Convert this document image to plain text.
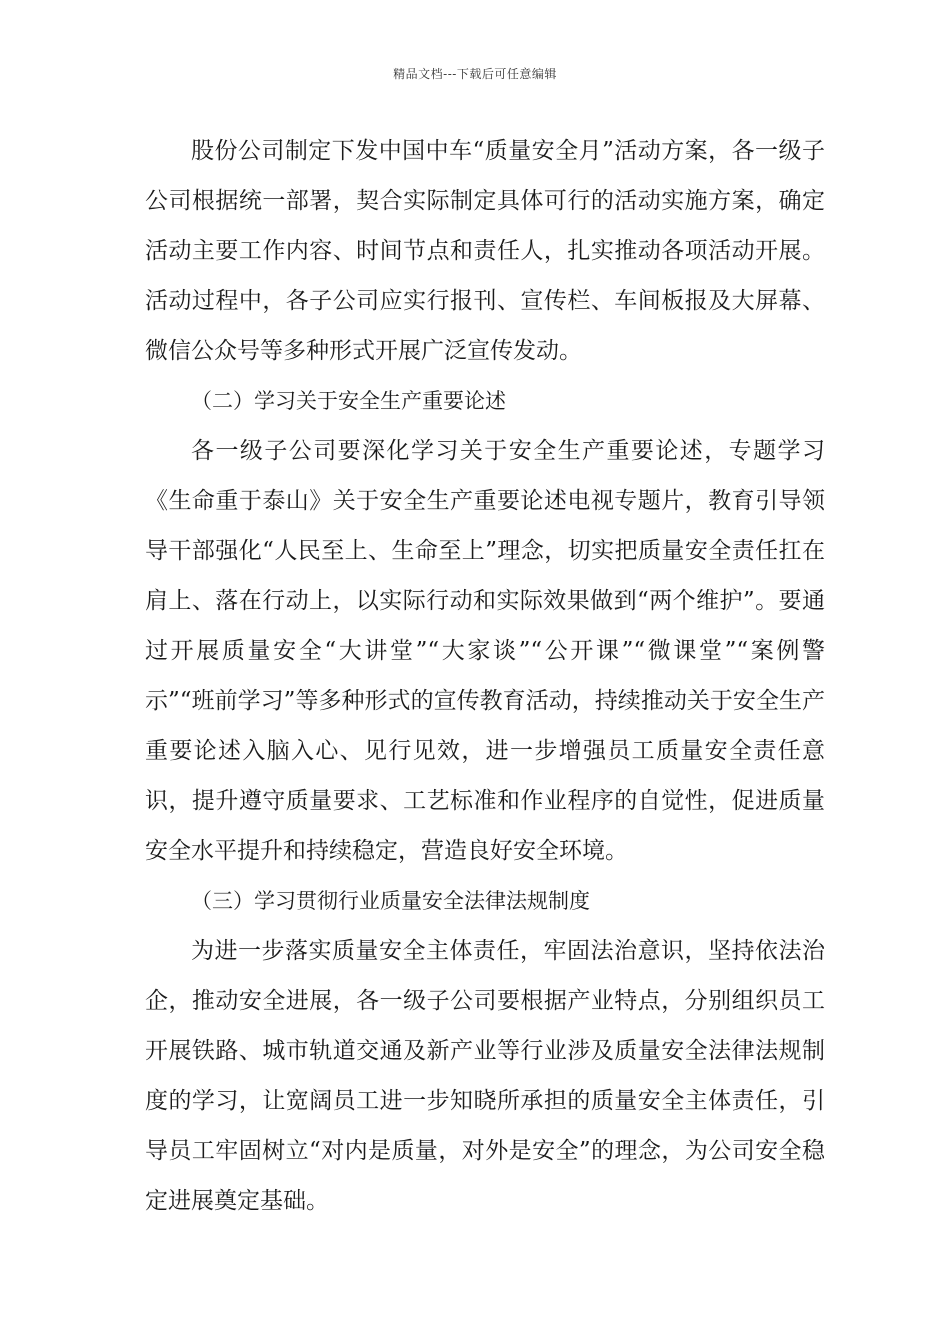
精品文档---下载后可任意编辑

股份公司制定下发中国中车“质量安全月”活动方案，各一级子公司根据统一部署，契合实际制定具体可行的活动实施方案，确定活动主要工作内容、时间节点和责任人，扎实推动各项活动开展。活动过程中，各子公司应实行报刊、宣传栏、车间板报及大屏幕、微信公众号等多种形式开展广泛宣传发动。

（二）学习关于安全生产重要论述

各一级子公司要深化学习关于安全生产重要论述，专题学习《生命重于泰山》关于安全生产重要论述电视专题片，教育引导领导干部强化“人民至上、生命至上”理念，切实把质量安全责任扛在肩上、落在行动上，以实际行动和实际效果做到“两个维护”。要通过开展质量安全“大讲堂”“大家谈”“公开课”“微课堂”“案例警示”“班前学习”等多种形式的宣传教育活动，持续推动关于安全生产重要论述入脑入心、见行见效，进一步增强员工质量安全责任意识，提升遵守质量要求、工艺标准和作业程序的自觉性，促进质量安全水平提升和持续稳定，营造良好安全环境。

（三）学习贯彻行业质量安全法律法规制度

为进一步落实质量安全主体责任，牢固法治意识，坚持依法治企，推动安全进展，各一级子公司要根据产业特点，分别组织员工开展铁路、城市轨道交通及新产业等行业涉及质量安全法律法规制度的学习，让宽阔员工进一步知晓所承担的质量安全主体责任，引导员工牢固树立“对内是质量，对外是安全”的理念，为公司安全稳定进展奠定基础。
